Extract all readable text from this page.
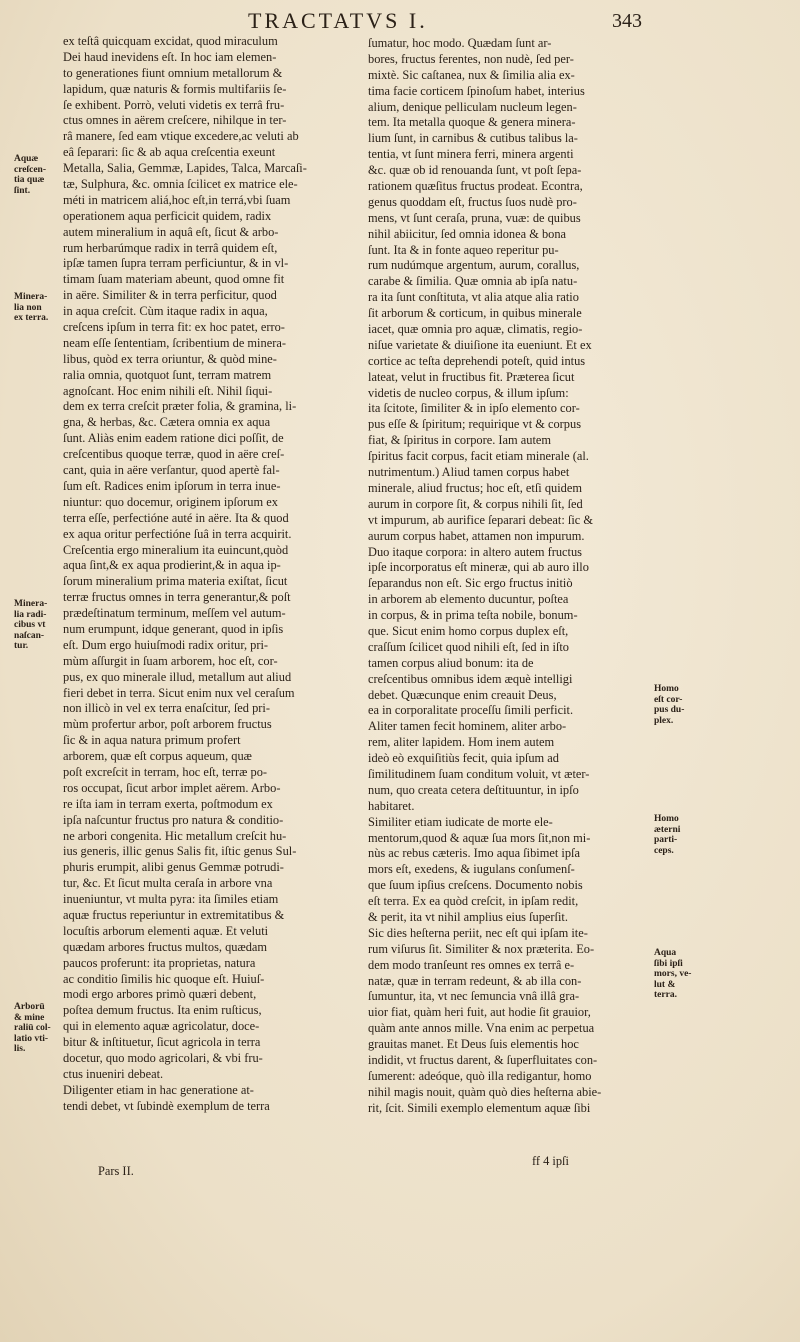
TRACTATVS I.	343
ex teſtâ quicquam excidat, quod miraculum
Dei haud inevidens eſt. In hoc iam elemen-
to generationes fiunt omnium metallorum &
lapidum, quæ naturis & formis multifariis ſe-
ſe exhibent. Porrò, veluti videtis ex terrâ fru-
ctus omnes in aërem creſcere, nihilque in ter-
râ manere, ſed eam vtique excedere,ac veluti ab
eâ ſeparari: ſic & ab aqua creſcentia exeunt
Metalla, Salia, Gemmæ, Lapides, Talca, Marcaſi-
tæ, Sulphura, &c. omnia ſcilicet ex matrice ele-
méti in matricem aliá,hoc eſt,in terrá,vbi ſuam
operationem aqua perficicit quidem, radix
autem mineralium in aquâ eſt, ſicut & arbo-
rum herbarúmque radix in terrâ quidem eſt,
ipſæ tamen ſupra terram perficiuntur, & in vl-
timam ſuam materiam abeunt, quod omne fit
in aëre. Similiter & in terra perficitur, quod
in aqua creſcit. Cùm itaque radix in aqua,
creſcens ipſum in terra fit: ex hoc patet, erro-
neam eſſe ſententiam, ſcribentium de minera-
libus, quòd ex terra oriuntur, & quòd mine-
ralia omnia, quotquot ſunt, terram matrem
agnoſcant. Hoc enim nihili eſt. Nihil ſiqui-
dem ex terra creſcit præter folia, & gramina, li-
gna, & herbas, &c. Cætera omnia ex aqua
ſunt. Aliàs enim eadem ratione dici poſſit, de
creſcentibus quoque terræ, quod in aëre creſ-
cant, quia in aëre verſantur, quod apertè fal-
ſum eſt. Radices enim ipſorum in terra inue-
niuntur: quo docemur, originem ipſorum ex
terra eſſe, perfectióne auté in aëre. Ita & quod
ex aqua oritur perfectióne ſuâ in terra acquirit.
Creſcentia ergo mineralium ita euincunt,quòd
aqua ſint,& ex aqua prodierint,& in aqua ip-
ſorum mineralium prima materia exiſtat, ſicut
terræ fructus omnes in terra generantur,& poſt
prædeſtinatum terminum, meſſem vel autum-
num erumpunt, idque generant, quod in ipſis
eſt. Dum ergo huiuſmodi radix oritur, pri-
mùm aſſurgit in ſuam arborem, hoc eſt, cor-
pus, ex quo minerale illud, metallum aut aliud
fieri debet in terra. Sicut enim nux vel ceraſum
non illicò in vel ex terra enaſcitur, ſed pri-
mùm profertur arbor, poſt arborem fructus
ſic & in aqua natura primum profert
arborem, quæ eſt corpus aqueum, quæ
poſt excreſcit in terram, hoc eſt, terræ po-
ros occupat, ſicut arbor implet aërem. Arbo-
re iſta iam in terram exerta, poſtmodum ex
ipſa naſcuntur fructus pro natura & conditio-
ne arbori congenita. Hic metallum creſcit hu-
ius generis, illic genus Salis fit, iſtic genus Sul-
phuris erumpit, alibi genus Gemmæ potrudi-
tur, &c. Et ſicut multa ceraſa in arbore vna
inueniuntur, vt multa pyra: ita ſimiles etiam
aquæ fructus reperiuntur in extremitatibus &
locuſtis arborum elementi aquæ. Et veluti
quædam arbores fructus multos, quædam
paucos proferunt: ita proprietas, natura
ac conditio ſimilis hic quoque eſt. Huiuſ-
modi ergo arbores primò quæri debent,
poſtea demum fructus. Ita enim ruſticus,
qui in elemento aquæ agricolatur, doce-
bitur & inſtituetur, ſicut agricola in terra
docetur, quo modo agricolari, & vbi fru-
ctus inueniri debeat.
Diligenter etiam in hac generatione at-
tendi debet, vt ſubindè exemplum de terra
ſumatur, hoc modo. Quædam ſunt ar-
bores, fructus ferentes, non nudè, ſed per-
mixtè. Sic caſtanea, nux & ſimilia alia ex-
tima facie corticem ſpinoſum habet, interius
alium, denique pelliculam nucleum legen-
tem. Ita metalla quoque & genera minera-
lium ſunt, in carnibus & cutibus talibus la-
tentia, vt ſunt minera ferri, minera argenti
&c. quæ ob id renouanda ſunt, vt poſt ſepa-
rationem quæſitus fructus prodeat. Econtra,
genus quoddam eſt, fructus ſuos nudè pro-
mens, vt ſunt ceraſa, pruna, vuæ: de quibus
nihil abiicitur, ſed omnia idonea & bona
ſunt. Ita & in fonte aqueo reperitur pu-
rum nudúmque argentum, aurum, corallus,
carabe & ſimilia. Quæ omnia ab ipſa natu-
ra ita ſunt conſtituta, vt alia atque alia ratio
ſit arborum & corticum, in quibus minerale
iacet, quæ omnia pro aquæ, climatis, regio-
niſue varietate & diuiſione ita eueniunt. Et ex
cortice ac teſta deprehendi poteſt, quid intus
lateat, velut in fructibus fit. Præterea ſicut
videtis de nucleo corpus, & illum ipſum:
ita ſcitote, ſimiliter & in ipſo elemento cor-
pus eſſe & ſpiritum; requirique vt & corpus
fiat, & ſpiritus in corpore. Iam autem
ſpiritus facit corpus, facit etiam minerale (al.
nutrimentum.) Aliud tamen corpus habet
minerale, aliud fructus; hoc eſt, etſi quidem
aurum in corpore ſit, & corpus nihili ſit, ſed
vt impurum, ab aurifice ſeparari debeat: ſic &
aurum corpus habet, attamen non impurum.
Duo itaque corpora: in altero autem fructus
ipſe incorporatus eſt mineræ, qui ab auro illo
ſeparandus non eſt. Sic ergo fructus initiò
in arborem ab elemento ducuntur, poſtea
in corpus, & in prima teſta nobile, bonum-
que. Sicut enim homo corpus duplex eſt,
craſſum ſcilicet quod nihili eſt, ſed in iſto
tamen corpus aliud bonum: ita de
creſcentibus omnibus idem æquè intelligi
debet. Quæcunque enim creauit Deus,
ea in corporalitate proceſſu ſimili perficit.
Aliter tamen fecit hominem, aliter arbo-
rem, aliter lapidem. Hom inem autem
ideò eò exquiſitiùs fecit, quia ipſum ad
ſimilitudinem ſuam conditum voluit, vt æter-
num, quo creata cetera deſtituuntur, in ipſo
habitaret.
Similiter etiam iudicate de morte ele-
mentorum,quod & aquæ ſua mors ſit,non mi-
nùs ac rebus cæteris. Imo aqua ſibimet ipſa
mors eſt, exedens, & iugulans conſumenſ-
que ſuum ipſius creſcens. Documento nobis
eſt terra. Ex ea quòd creſcit, in ipſam redit,
& perit, ita vt nihil amplius eius ſuperſit.
Sic dies heſterna periit, nec eſt qui ipſam ite-
rum viſurus ſit. Similiter & nox præterita. Eo-
dem modo tranſeunt res omnes ex terrâ e-
natæ, quæ in terram redeunt, & ab illa con-
ſumuntur, ita, vt nec ſemuncia vnâ illâ gra-
uior fiat, quàm heri fuit, aut hodie ſit grauior,
quàm ante annos mille. Vna enim ac perpetua
grauitas manet. Et Deus ſuis elementis hoc
indidit, vt fructus darent, & ſuperfluitates con-
ſumerent: adeóque, quò illa redigantur, homo
nihil magis nouit, quàm quò dies heſterna abie-
rit, ſcit. Simili exemplo elementum aquæ ſibi
Aquæ
creſcen-
tia quæ
ſint.
Minera-
lia non
ex terra.
Minera-
lia radi-
cibus vt
naſcan-
tur.
Arborū
& mine
raliū col-
latio vti-
lis.
Homo
eſt cor-
pus du-
plex.
Homo
æterni
parti-
ceps.
Aqua
ſibi ipſi
mors, ve-
lut &
terra.
Pars II.
ff 4 ipſi
